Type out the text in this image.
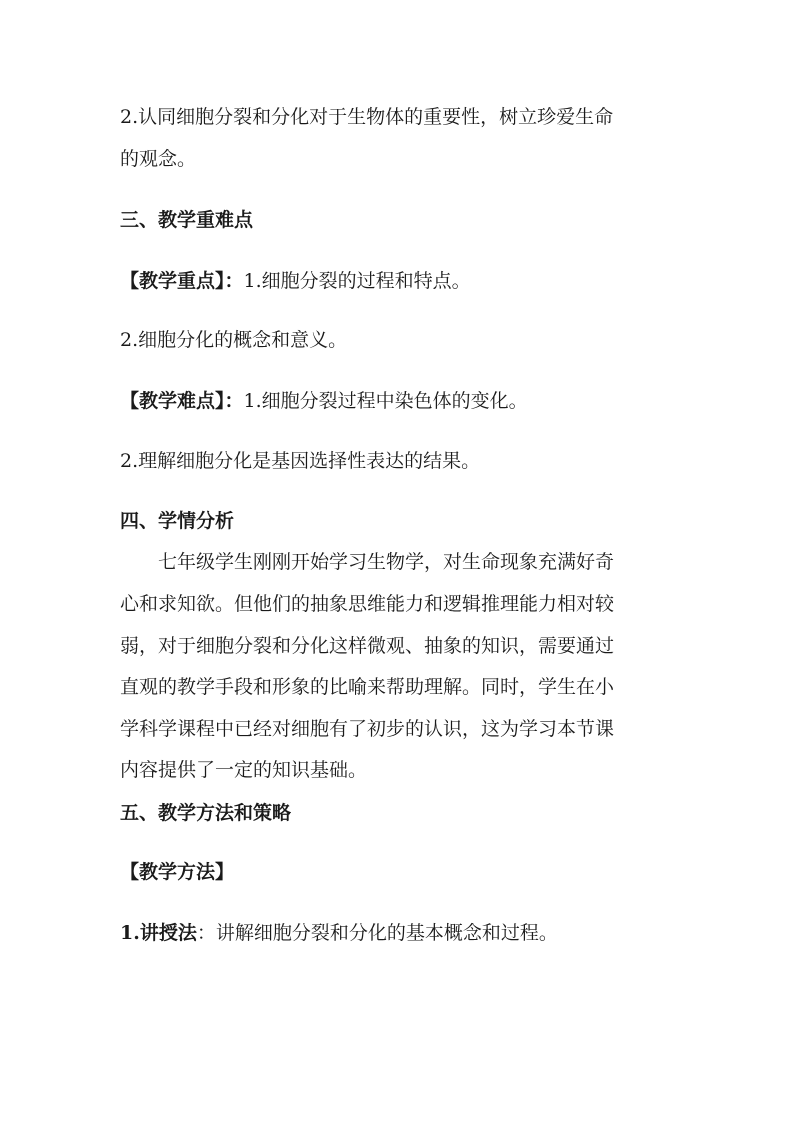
2.认同细胞分裂和分化对于生物体的重要性，树立珍爱生命

的观念。

三、教学重难点

【教学重点】：1.细胞分裂的过程和特点。

2.细胞分化的概念和意义。

【教学难点】：1.细胞分裂过程中染色体的变化。

2.理解细胞分化是基因选择性表达的结果。

四、学情分析

七年级学生刚刚开始学习生物学，对生命现象充满好奇

心和求知欲。但他们的抽象思维能力和逻辑推理能力相对较

弱，对于细胞分裂和分化这样微观、抽象的知识，需要通过

直观的教学手段和形象的比喻来帮助理解。同时，学生在小

学科学课程中已经对细胞有了初步的认识，这为学习本节课

内容提供了一定的知识基础。

五、教学方法和策略

【教学方法】

1.讲授法：讲解细胞分裂和分化的基本概念和过程。
